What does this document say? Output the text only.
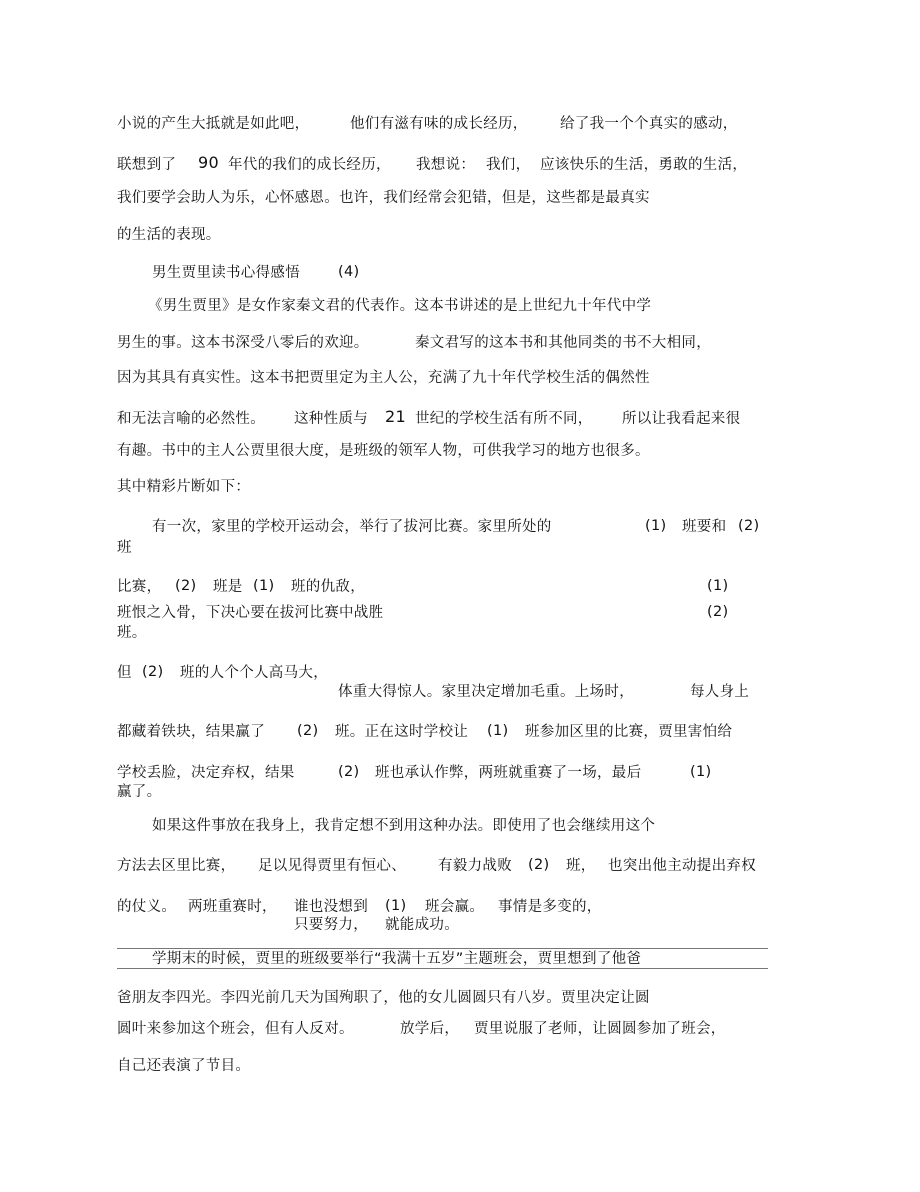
小说的产生大抵就是如此吧，	他们有滋有味的成长经历， 给了我一个个真实的感动，
联想到了 90 年代的我们的成长经历， 我想说： 我们， 应该快乐的生活，勇敢的生活，
我们要学会助人为乐，心怀感恩。也许，我们经常会犯错，但是，这些都是最真实
的生活的表现。
男生贾里读书心得感悟	(4)
《男生贾里》是女作家秦文君的代表作。这本书讲述的是上世纪九十年代中学
男生的事。这本书深受八零后的欢迎。	秦文君写的这本书和其他同类的书不大相同，
因为其具有真实性。这本书把贾里定为主人公，充满了九十年代学校生活的偶然性
和无法言喻的必然性。 这种性质与 21 世纪的学校生活有所不同， 所以让我看起来很
有趣。书中的主人公贾里很大度，是班级的领军人物，可供我学习的地方也很多。
其中精彩片断如下：
有一次，家里的学校开运动会，举行了拔河比赛。家里所处的	(1) 班要和 (2)
班
比赛， (2) 班是 (1) 班的仇敌，	(1)
班恨之入骨，下决心要在拔河比赛中战胜	(2)
班。
但 (2) 班的人个个人高马大，
体重大得惊人。家里决定增加毛重。上场时，	每人身上
都藏着铁块，结果赢了 (2) 班。正在这时学校让 (1) 班参加区里的比赛，贾里害怕给
学校丢脸，决定弃权，结果	(2) 班也承认作弊，两班就重赛了一场，最后	(1)
赢了。
如果这件事放在我身上，我肯定想不到用这种办法。即使用了也会继续用这个
方法去区里比赛， 足以见得贾里有恒心、 有毅力战败 (2) 班， 也突出他主动提出弃权
的仗义。 两班重赛时， 谁也没想到 (1) 班会赢。 事情是多变的，
只要努力， 就能成功。
学期末的时候，贾里的班级要举行“我满十五岁”主题班会，贾里想到了他爸
爸朋友李四光。李四光前几天为国殉职了，他的女儿圆圆只有八岁。贾里决定让圆
圆叶来参加这个班会，但有人反对。	放学后， 贾里说服了老师，让圆圆参加了班会，
自己还表演了节目。
